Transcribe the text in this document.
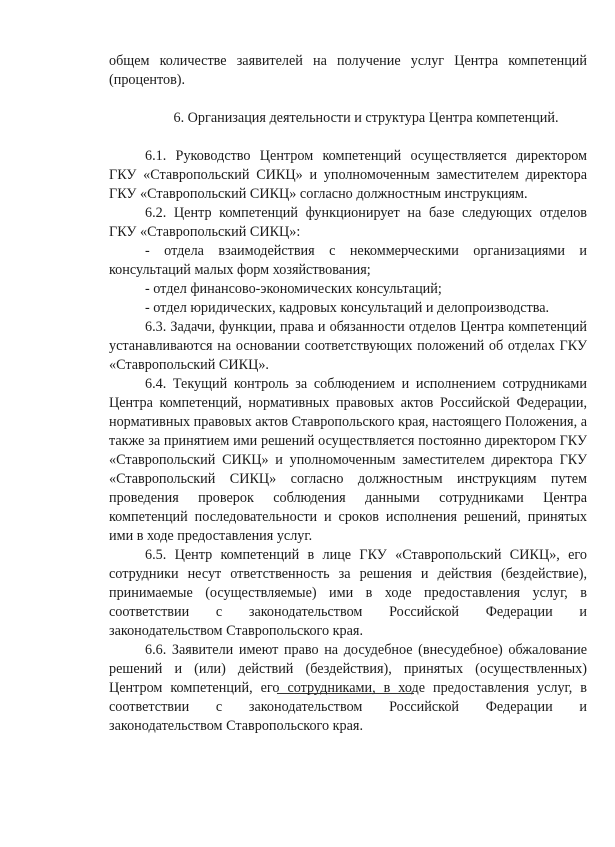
общем количестве заявителей на получение услуг Центра компетенций (процентов).

6. Организация деятельности и структура Центра компетенций.

6.1. Руководство Центром компетенций осуществляется директором ГКУ «Ставропольский СИКЦ» и уполномоченным заместителем директора ГКУ «Ставропольский СИКЦ» согласно должностным инструкциям.

6.2. Центр компетенций функционирует на базе следующих отделов ГКУ «Ставропольский СИКЦ»:

- отдела взаимодействия с некоммерческими организациями и консультаций малых форм хозяйствования;

- отдел финансово-экономических консультаций;

- отдел юридических, кадровых консультаций и делопроизводства.

6.3. Задачи, функции, права и обязанности отделов Центра компетенций устанавливаются на основании соответствующих положений об отделах ГКУ «Ставропольский СИКЦ».

6.4. Текущий контроль за соблюдением и исполнением сотрудниками Центра компетенций, нормативных правовых актов Российской Федерации, нормативных правовых актов Ставропольского края, настоящего Положения, а также за принятием ими решений осуществляется постоянно директором ГКУ «Ставропольский СИКЦ» и уполномоченным заместителем директора ГКУ «Ставропольский СИКЦ» согласно должностным инструкциям путем проведения проверок соблюдения данными сотрудниками Центра компетенций последовательности и сроков исполнения решений, принятых ими в ходе предоставления услуг.

6.5. Центр компетенций в лице ГКУ «Ставропольский СИКЦ», его сотрудники несут ответственность за решения и действия (бездействие), принимаемые (осуществляемые) ими в ходе предоставления услуг, в соответствии с законодательством Российской Федерации и законодательством Ставропольского края.

6.6. Заявители имеют право на досудебное (внесудебное) обжалование решений и (или) действий (бездействия), принятых (осуществленных) Центром компетенций, его сотрудниками, в ходе предоставления услуг, в соответствии с законодательством Российской Федерации и законодательством Ставропольского края.
